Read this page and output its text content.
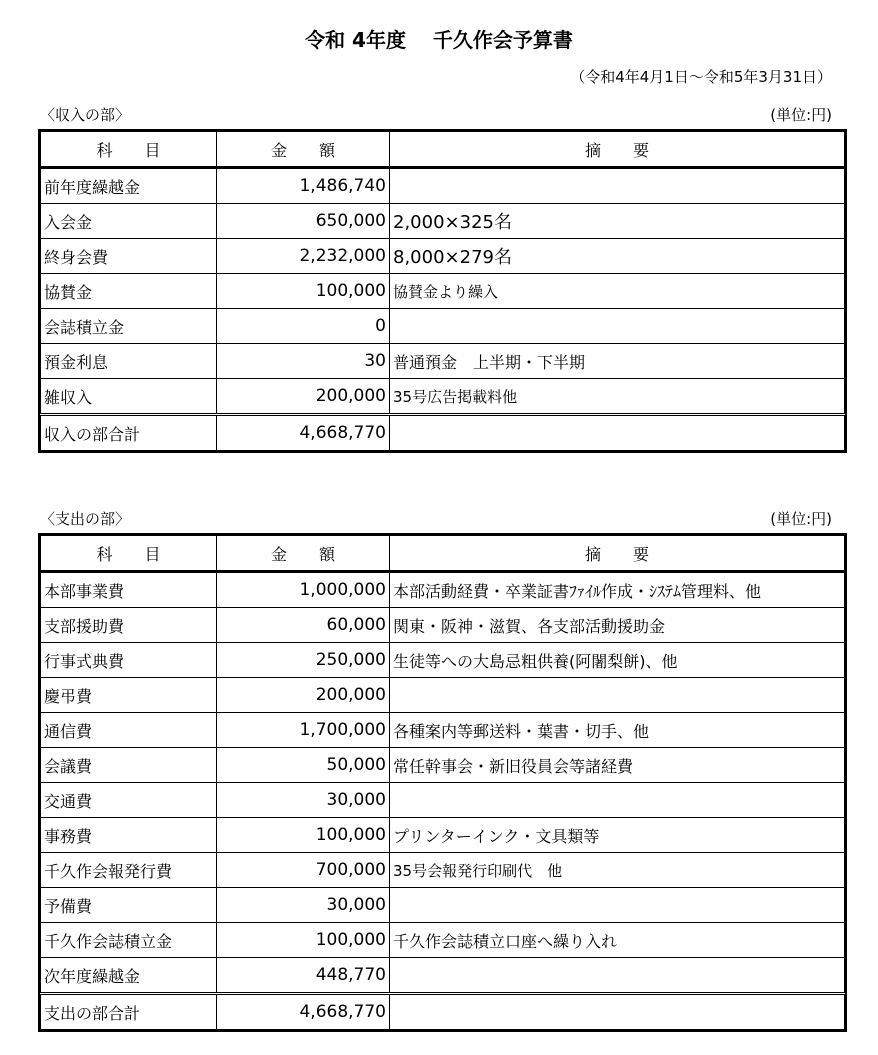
令和 4年度　 千久作会予算書
（令和4年4月1日～令和5年3月31日）
〈収入の部〉	(単位:円)
科　　目	金　　額	摘　　要
前年度繰越金	1,486,740	
入会金	650,000	2,000×325名
終身会費	2,232,000	8,000×279名
協賛金	100,000	協賛金より繰入
会誌積立金	0	
預金利息	30	普通預金　上半期・下半期
雑収入	200,000	35号広告掲載料他
収入の部合計	4,668,770	
〈支出の部〉	(単位:円)
科　　目	金　　額	摘　　要
本部事業費	1,000,000	本部活動経費・卒業証書ﾌｧｲﾙ作成・ｼｽﾃﾑ管理料、他
支部援助費	60,000	関東・阪神・滋賀、各支部活動援助金
行事式典費	250,000	生徒等への大島忌粗供養(阿闍梨餅)、他
慶弔費	200,000	
通信費	1,700,000	各種案内等郵送料・葉書・切手、他
会議費	50,000	常任幹事会・新旧役員会等諸経費
交通費	30,000	
事務費	100,000	プリンターインク・文具類等
千久作会報発行費	700,000	35号会報発行印刷代　他
予備費	30,000	
千久作会誌積立金	100,000	千久作会誌積立口座へ繰り入れ
次年度繰越金	448,770	
支出の部合計	4,668,770	
